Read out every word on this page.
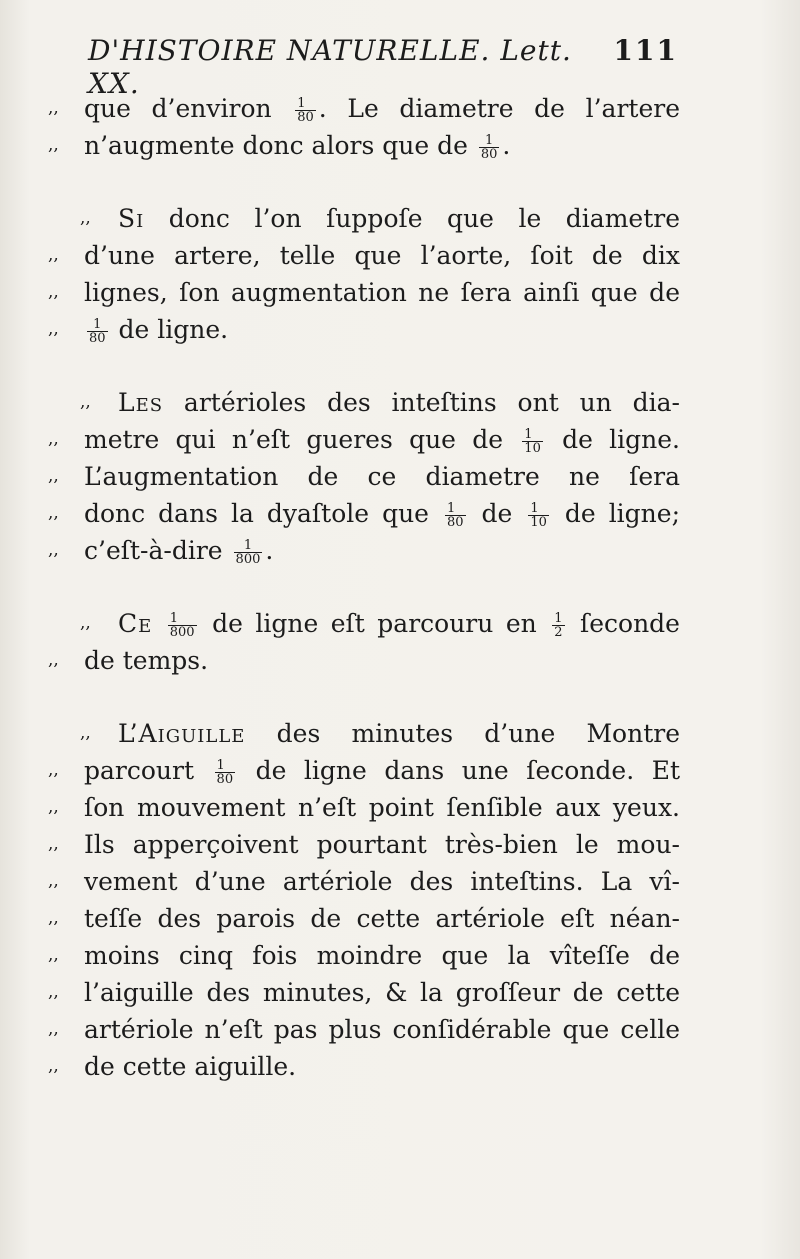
D'HISTOIRE NATURELLE. Lett. XX.
111
,,	que d’environ $\frac{1}{80}$ . Le diametre de l’artere
,,	n’augmente donc alors que de $\frac{1}{80}$ .
,,	Si donc l’on ſuppoſe que le diametre
,,	d’une artere, telle que l’aorte, ſoit de dix
,,	lignes, ſon augmentation ne ſera ainſi que de
,,	$\frac{1}{80}$ de ligne.
,,	Les artérioles des inteſtins ont un dia-
,,	metre qui n’eſt gueres que de $\frac{1}{10}$ de ligne.
,,	L’augmentation de ce diametre ne ſera
,,	donc dans la dyaſtole que $\frac{1}{80}$ de $\frac{1}{10}$ de ligne;
,,	c’eſt-à-dire $\frac{1}{800}$ .
,,	Ce $\frac{1}{800}$ de ligne eſt parcouru en $\frac{1}{2}$ ſeconde
,,	de temps.
,,	L’Aiguille des minutes d’une Montre
,,	parcourt $\frac{1}{80}$ de ligne dans une ſeconde. Et
,,	ſon mouvement n’eſt point ſenſible aux yeux.
,,	Ils apperçoivent pourtant très-bien le mou-
,,	vement d’une artériole des inteſtins. La vî-
,,	teſſe des parois de cette artériole eſt néan-
,,	moins cinq fois moindre que la vîteſſe de
,,	l’aiguille des minutes, & la groſſeur de cette
,,	artériole n’eſt pas plus conſidérable que celle
,,	de cette aiguille.
